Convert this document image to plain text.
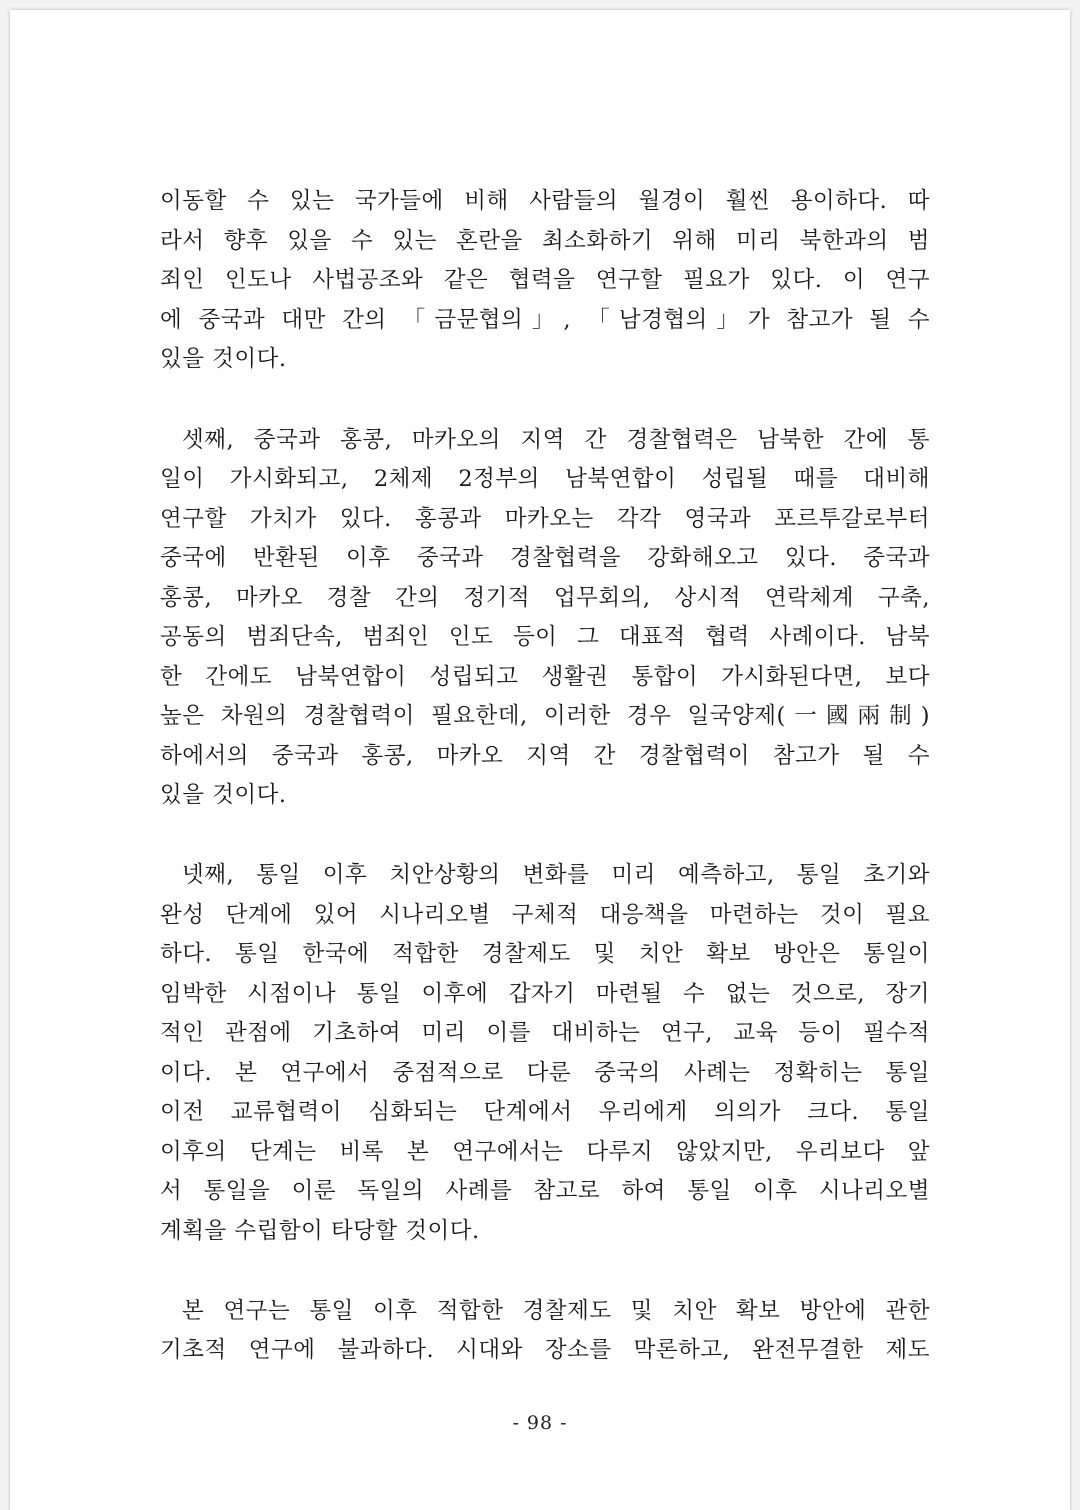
이동할 수 있는 국가들에 비해 사람들의 월경이 훨씬 용이하다. 따
라서 향후 있을 수 있는 혼란을 최소화하기 위해 미리 북한과의 범
죄인 인도나 사법공조와 같은 협력을 연구할 필요가 있다. 이 연구
에 중국과 대만 간의 「금문협의」, 「남경협의」가 참고가 될 수
있을 것이다.
셋째, 중국과 홍콩, 마카오의 지역 간 경찰협력은 남북한 간에 통
일이 가시화되고, 2체제 2정부의 남북연합이 성립될 때를 대비해
연구할 가치가 있다. 홍콩과 마카오는 각각 영국과 포르투갈로부터
중국에 반환된 이후 중국과 경찰협력을 강화해오고 있다. 중국과
홍콩, 마카오 경찰 간의 정기적 업무회의, 상시적 연락체계 구축,
공동의 범죄단속, 범죄인 인도 등이 그 대표적 협력 사례이다. 남북
한 간에도 남북연합이 성립되고 생활권 통합이 가시화된다면, 보다
높은 차원의 경찰협력이 필요한데, 이러한 경우 일국양제(一國兩制)
하에서의 중국과 홍콩, 마카오 지역 간 경찰협력이 참고가 될 수
있을 것이다.
넷째, 통일 이후 치안상황의 변화를 미리 예측하고, 통일 초기와
완성 단계에 있어 시나리오별 구체적 대응책을 마련하는 것이 필요
하다. 통일 한국에 적합한 경찰제도 및 치안 확보 방안은 통일이
임박한 시점이나 통일 이후에 갑자기 마련될 수 없는 것으로, 장기
적인 관점에 기초하여 미리 이를 대비하는 연구, 교육 등이 필수적
이다. 본 연구에서 중점적으로 다룬 중국의 사례는 정확히는 통일
이전 교류협력이 심화되는 단계에서 우리에게 의의가 크다. 통일
이후의 단계는 비록 본 연구에서는 다루지 않았지만, 우리보다 앞
서 통일을 이룬 독일의 사례를 참고로 하여 통일 이후 시나리오별
계획을 수립함이 타당할 것이다.
본 연구는 통일 이후 적합한 경찰제도 및 치안 확보 방안에 관한
기초적 연구에 불과하다. 시대와 장소를 막론하고, 완전무결한 제도
- 98 -
